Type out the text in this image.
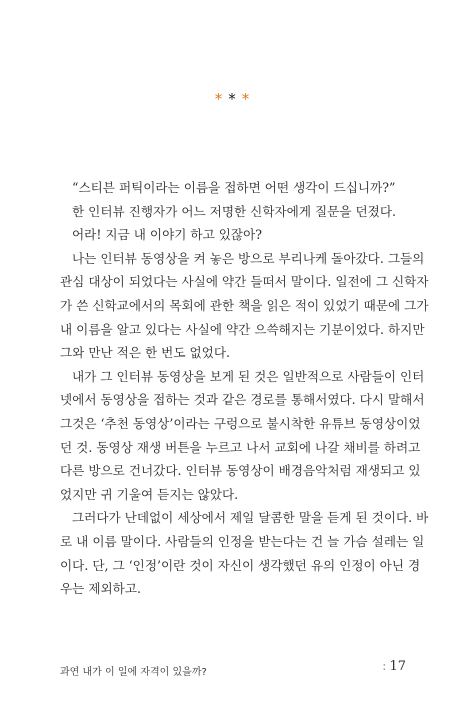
***
“스티븐 퍼틱이라는 이름을 접하면 어떤 생각이 드십니까?”
한 인터뷰 진행자가 어느 저명한 신학자에게 질문을 던졌다.
어라! 지금 내 이야기 하고 있잖아?
나는 인터뷰 동영상을 켜 놓은 방으로 부리나케 돌아갔다. 그들의
관심 대상이 되었다는 사실에 약간 들떠서 말이다. 일전에 그 신학자
가 쓴 신학교에서의 목회에 관한 책을 읽은 적이 있었기 때문에 그가
내 이름을 알고 있다는 사실에 약간 으쓱해지는 기분이었다. 하지만
그와 만난 적은 한 번도 없었다.
내가 그 인터뷰 동영상을 보게 된 것은 일반적으로 사람들이 인터
넷에서 동영상을 접하는 것과 같은 경로를 통해서였다. 다시 말해서
그것은 ‘추천 동영상’이라는 구렁으로 불시착한 유튜브 동영상이었
던 것. 동영상 재생 버튼을 누르고 나서 교회에 나갈 채비를 하려고
다른 방으로 건너갔다. 인터뷰 동영상이 배경음악처럼 재생되고 있
었지만 귀 기울여 듣지는 않았다.
그러다가 난데없이 세상에서 제일 달콤한 말을 듣게 된 것이다. 바
로 내 이름 말이다. 사람들의 인정을 받는다는 건 늘 가슴 설레는 일
이다. 단, 그 ‘인정’이란 것이 자신이 생각했던 유의 인정이 아닌 경
우는 제외하고.
과연 내가 이 일에 자격이 있을까?	: 17
